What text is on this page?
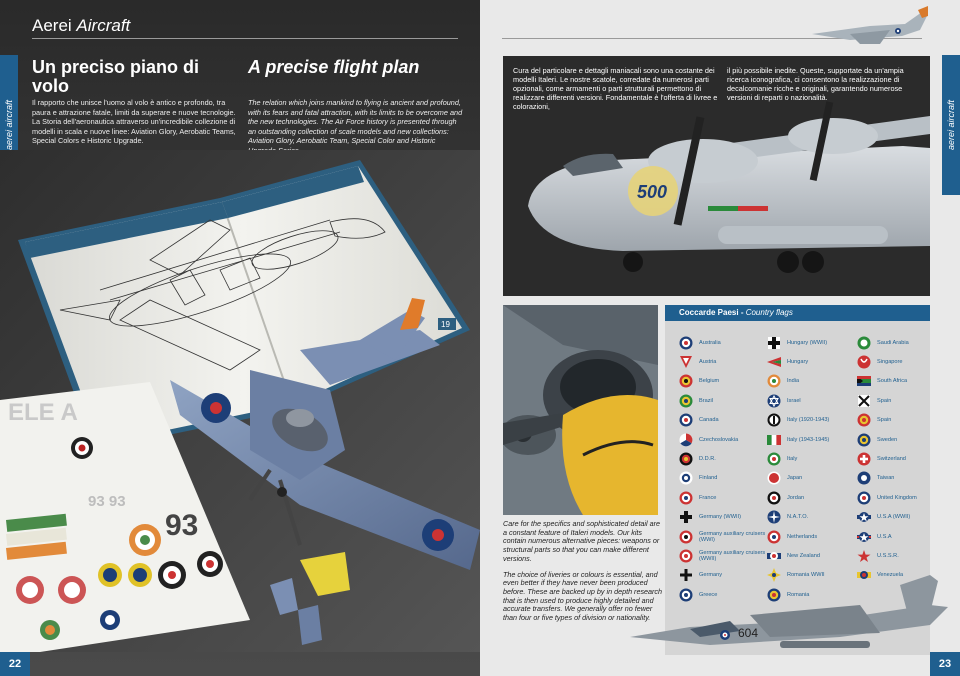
Aerei Aircraft
aerei aircraft
Un preciso piano di volo
Il rapporto che unisce l'uomo al volo è antico e profondo, tra paura e attrazione fatale, limiti da superare e nuove tecnologie. La Storia dell'aeronautica attraverso un'incredibile collezione di modelli in scala e nuove linee: Aviation Glory, Aerobatic Teams, Special Colors e Historic Upgrade.
A precise flight plan
The relation which joins mankind to flying is ancient and profound, with its fears and fatal attraction, with its limits to be overcome and the new technologies. The Air Force history is presented through an outstanding collection of scale models and new collections: Aviation Glory, Aerobatic Team, Special Color and Historic
19
ELE A
93 93
93
22
aerei aircraft
23
500
Cura del particolare e dettagli maniacali sono una costante dei modelli Italeri. Le nostre scatole, corredate da numerosi parti opzionali, come armamenti o parti strutturali permettono di realizzare differenti versioni. Fondamentale è l'offerta di livree e colorazioni,
il più possibile inedite. Queste, supportate da un'ampia ricerca iconografica, ci consentono la realizzazione di decalcomanie ricche e originali, garantendo numerose versioni di reparti o nazionalità.

Care for the specifics and sophisticated detail are a constant feature of Italeri models. Our kits contain numerous alternative pieces: weapons or structural parts so that you can make different versions.

The choice of liveries or colours is essential, and even better if they have never been produced before. These are backed up by in depth research that is then used to produce highly detailed and accurate transfers. We generally offer no fewer than four or five types of division or nationality.

Coccarde Paesi - Country flags
Australia
Austria
Belgium
Brazil
Canada
Czechoslovakia
D.D.R.
Finland
France
Germany (WWII)
Germany auxiliary cruisers (WWI)
Germany auxiliary cruisers (WWII)
Germany
Greece
Hungary (WWII)
Hungary
India
Israel
Italy (1920-1943)
Italy (1943-1945)
Italy
Japan
Jordan
N.A.T.O.
Netherlands
New Zealand
Romania WWII
Romania
Saudi Arabia
Singapore
South Africa
Spain
Spain
Sweden
Switzerland
Taiwan
United Kingdom
U.S.A (WWII)
U.S.A
U.S.S.R.
Venezuela
604
